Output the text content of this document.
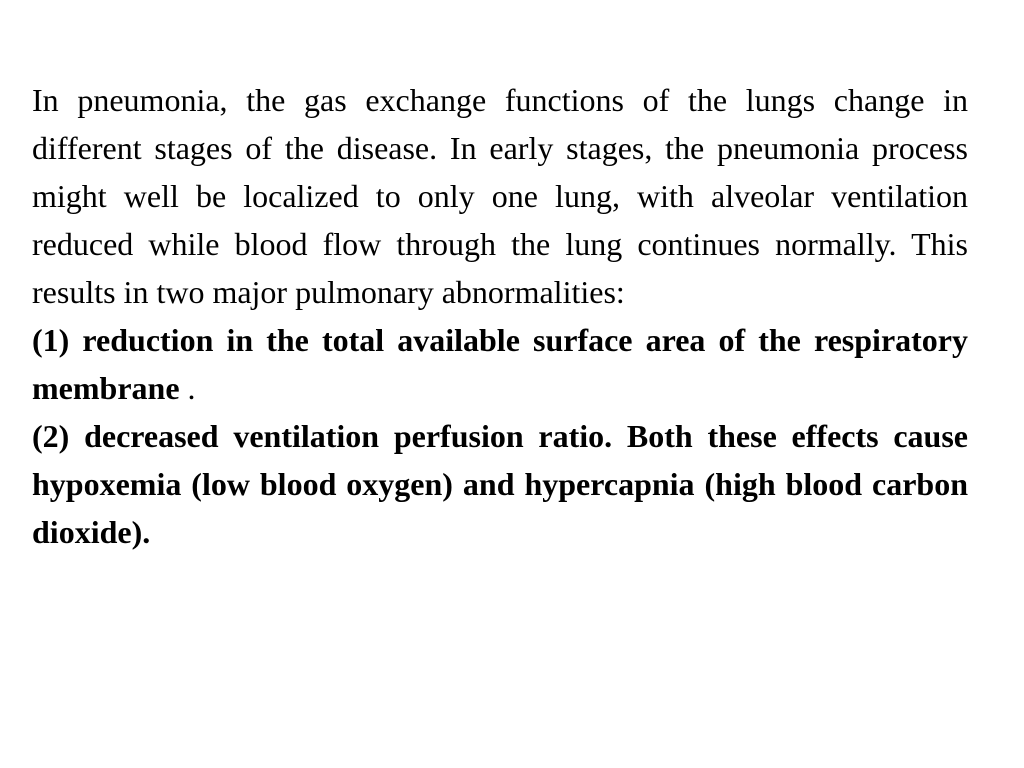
In pneumonia, the gas exchange functions of the lungs change in different stages of the disease. In early stages, the pneumonia process might well be localized to only one lung, with alveolar ventilation reduced while blood flow through the lung continues normally. This results in two major pulmonary abnormalities:

(1) reduction in the total available surface area of the respiratory membrane .

(2) decreased ventilation perfusion ratio. Both these effects cause hypoxemia (low blood oxygen) and hypercapnia (high blood carbon dioxide).
